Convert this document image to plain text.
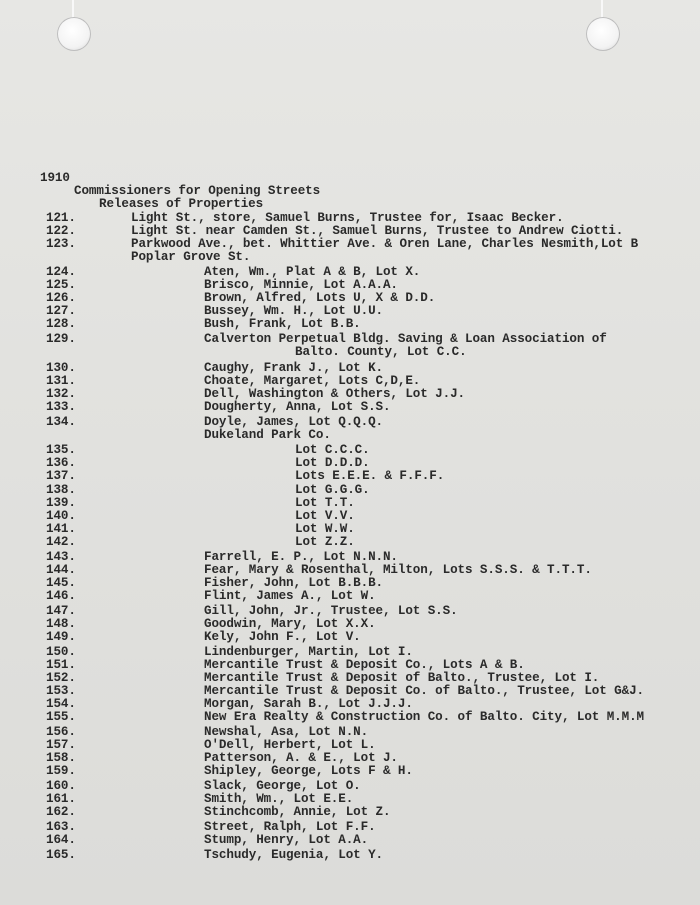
1910
Commissioners for Opening Streets
Releases of Properties
121.	Light St., store, Samuel Burns, Trustee for, Isaac Becker.
122.	Light St. near Camden St., Samuel Burns, Trustee to Andrew Ciotti.
123.	Parkwood Ave., bet. Whittier Ave. & Oren Lane, Charles Nesmith,Lot B
Poplar Grove St.
124.	Aten, Wm., Plat A & B, Lot X.
125.	Brisco, Minnie, Lot A.A.A.
126.	Brown, Alfred, Lots U, X & D.D.
127.	Bussey, Wm. H., Lot U.U.
128.	Bush, Frank, Lot B.B.
129.	Calverton Perpetual Bldg. Saving & Loan Association of
Balto. County, Lot C.C.
130.	Caughy, Frank J., Lot K.
131.	Choate, Margaret, Lots C,D,E.
132.	Dell, Washington & Others, Lot J.J.
133.	Dougherty, Anna, Lot S.S.
134.	Doyle, James, Lot Q.Q.Q.
Dukeland Park Co.
135.	Lot C.C.C.
136.	Lot D.D.D.
137.	Lots E.E.E. & F.F.F.
138.	Lot G.G.G.
139.	Lot T.T.
140.	Lot V.V.
141.	Lot W.W.
142.	Lot Z.Z.
143.	Farrell, E. P., Lot N.N.N.
144.	Fear, Mary & Rosenthal, Milton, Lots S.S.S. & T.T.T.
145.	Fisher, John, Lot B.B.B.
146.	Flint, James A., Lot W.
147.	Gill, John, Jr., Trustee, Lot S.S.
148.	Goodwin, Mary, Lot X.X.
149.	Kely, John F., Lot V.
150.	Lindenburger, Martin, Lot I.
151.	Mercantile Trust & Deposit Co., Lots A & B.
152.	Mercantile Trust & Deposit of Balto., Trustee, Lot I.
153.	Mercantile Trust & Deposit Co. of Balto., Trustee, Lot G&J.
154.	Morgan, Sarah B., Lot J.J.J.
155.	New Era Realty & Construction Co. of Balto. City, Lot M.M.M
156.	Newshal, Asa, Lot N.N.
157.	O'Dell, Herbert, Lot L.
158.	Patterson, A. & E., Lot J.
159.	Shipley, George, Lots F & H.
160.	Slack, George, Lot O.
161.	Smith, Wm., Lot E.E.
162.	Stinchcomb, Annie, Lot Z.
163.	Street, Ralph, Lot F.F.
164.	Stump, Henry, Lot A.A.
165.	Tschudy, Eugenia, Lot Y.
